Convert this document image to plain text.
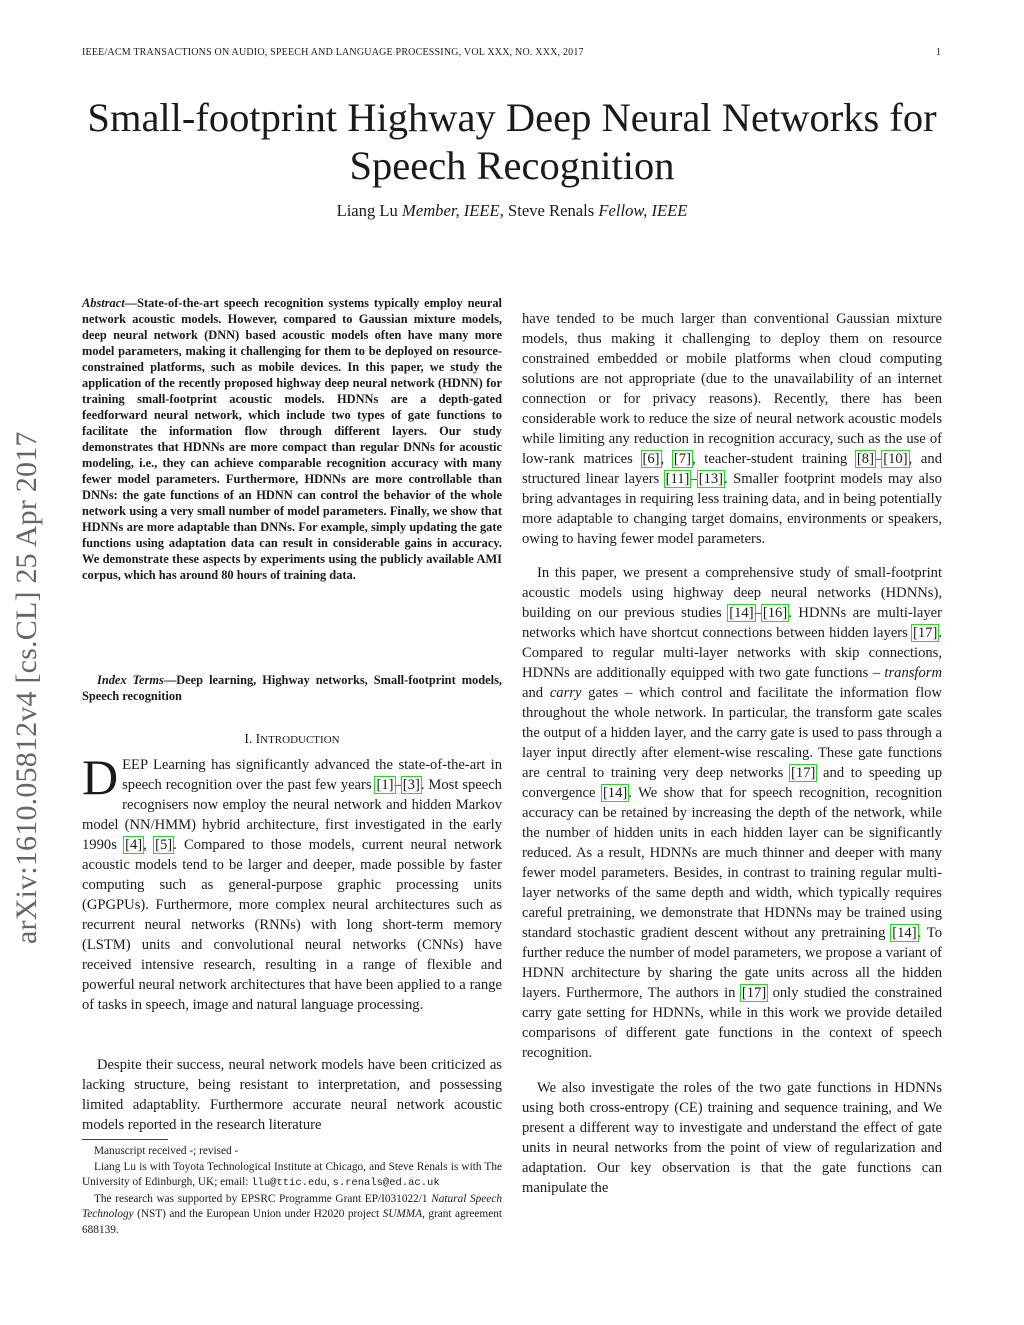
IEEE/ACM TRANSACTIONS ON AUDIO, SPEECH AND LANGUAGE PROCESSING, VOL XXX, NO. XXX, 2017	1
Small-footprint Highway Deep Neural Networks for Speech Recognition
Liang Lu Member, IEEE, Steve Renals Fellow, IEEE
arXiv:1610.05812v4 [cs.CL] 25 Apr 2017
Abstract—State-of-the-art speech recognition systems typically employ neural network acoustic models. However, compared to Gaussian mixture models, deep neural network (DNN) based acoustic models often have many more model parameters, making it challenging for them to be deployed on resource-constrained platforms, such as mobile devices. In this paper, we study the application of the recently proposed highway deep neural network (HDNN) for training small-footprint acoustic models. HDNNs are a depth-gated feedforward neural network, which include two types of gate functions to facilitate the information flow through different layers. Our study demonstrates that HDNNs are more compact than regular DNNs for acoustic modeling, i.e., they can achieve comparable recognition accuracy with many fewer model parameters. Furthermore, HDNNs are more controllable than DNNs: the gate functions of an HDNN can control the behavior of the whole network using a very small number of model parameters. Finally, we show that HDNNs are more adaptable than DNNs. For example, simply updating the gate functions using adaptation data can result in considerable gains in accuracy. We demonstrate these aspects by experiments using the publicly available AMI corpus, which has around 80 hours of training data.
Index Terms—Deep learning, Highway networks, Small-footprint models, Speech recognition
I. INTRODUCTION
DEEP Learning has significantly advanced the state-of-the-art in speech recognition over the past few years [1]–[3]. Most speech recognisers now employ the neural network and hidden Markov model (NN/HMM) hybrid architecture, first investigated in the early 1990s [4], [5]. Compared to those models, current neural network acoustic models tend to be larger and deeper, made possible by faster computing such as general-purpose graphic processing units (GPGPUs). Furthermore, more complex neural architectures such as recurrent neural networks (RNNs) with long short-term memory (LSTM) units and convolutional neural networks (CNNs) have received intensive research, resulting in a range of flexible and powerful neural network architectures that have been applied to a range of tasks in speech, image and natural language processing.
Despite their success, neural network models have been criticized as lacking structure, being resistant to interpretation, and possessing limited adaptablity. Furthermore accurate neural network acoustic models reported in the research literature

Manuscript received -; revised -

Liang Lu is with Toyota Technological Institute at Chicago, and Steve Renals is with The University of Edinburgh, UK; email: llu@ttic.edu, s.renals@ed.ac.uk

The research was supported by EPSRC Programme Grant EP/I031022/1 Natural Speech Technology (NST) and the European Union under H2020 project SUMMA, grant agreement 688139.

have tended to be much larger than conventional Gaussian mixture models, thus making it challenging to deploy them on resource constrained embedded or mobile platforms when cloud computing solutions are not appropriate (due to the unavailability of an internet connection or for privacy reasons). Recently, there has been considerable work to reduce the size of neural network acoustic models while limiting any reduction in recognition accuracy, such as the use of low-rank matrices [6], [7], teacher-student training [8]–[10], and structured linear layers [11]–[13]. Smaller footprint models may also bring advantages in requiring less training data, and in being potentially more adaptable to changing target domains, environments or speakers, owing to having fewer model parameters.

In this paper, we present a comprehensive study of small-footprint acoustic models using highway deep neural networks (HDNNs), building on our previous studies [14]–[16]. HDNNs are multi-layer networks which have shortcut connections between hidden layers [17]. Compared to regular multi-layer networks with skip connections, HDNNs are additionally equipped with two gate functions – transform and carry gates – which control and facilitate the information flow throughout the whole network. In particular, the transform gate scales the output of a hidden layer, and the carry gate is used to pass through a layer input directly after element-wise rescaling. These gate functions are central to training very deep networks [17] and to speeding up convergence [14]. We show that for speech recognition, recognition accuracy can be retained by increasing the depth of the network, while the number of hidden units in each hidden layer can be significantly reduced. As a result, HDNNs are much thinner and deeper with many fewer model parameters. Besides, in contrast to training regular multi-layer networks of the same depth and width, which typically requires careful pretraining, we demonstrate that HDNNs may be trained using standard stochastic gradient descent without any pretraining [14]. To further reduce the number of model parameters, we propose a variant of HDNN architecture by sharing the gate units across all the hidden layers. Furthermore, The authors in [17] only studied the constrained carry gate setting for HDNNs, while in this work we provide detailed comparisons of different gate functions in the context of speech recognition.

We also investigate the roles of the two gate functions in HDNNs using both cross-entropy (CE) training and sequence training, and We present a different way to investigate and understand the effect of gate units in neural networks from the point of view of regularization and adaptation. Our key observation is that the gate functions can manipulate the
